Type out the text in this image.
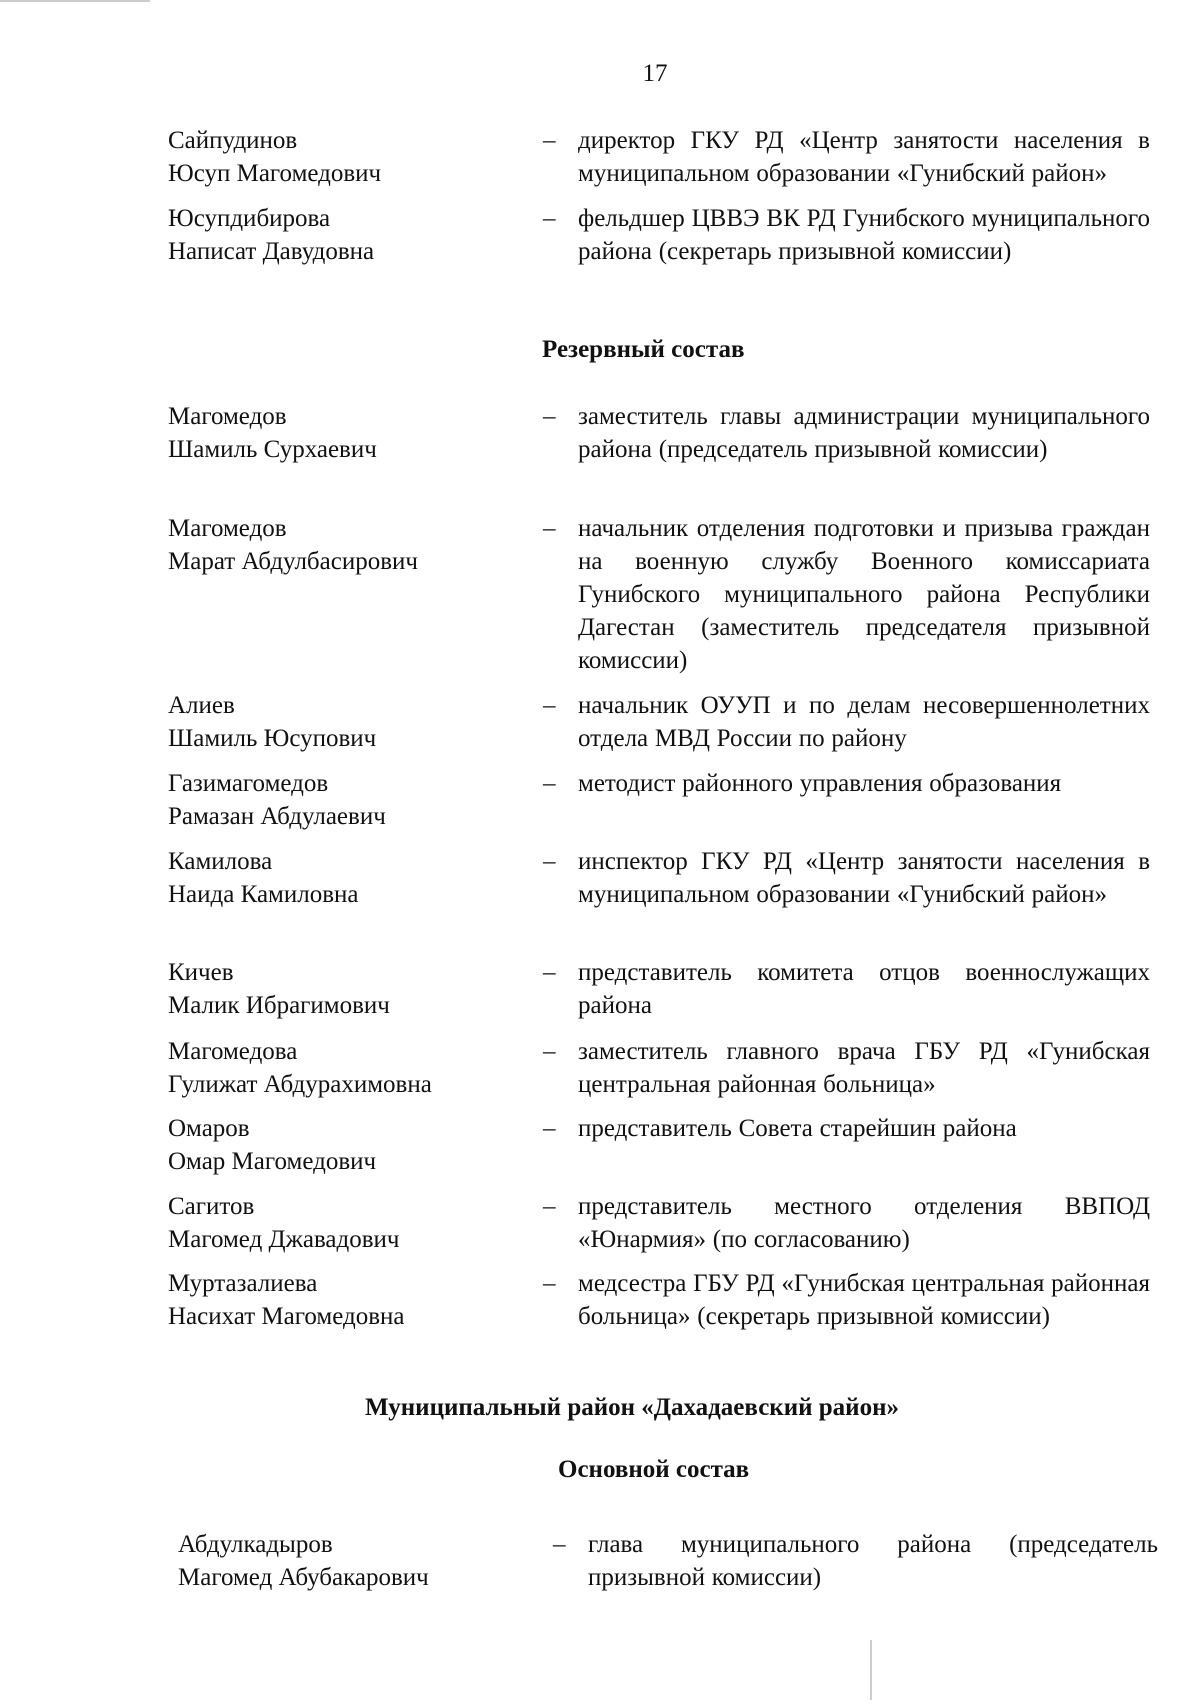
17
Сайпудинов
Юсуп Магомедович
– директор ГКУ РД «Центр занятости населения в муниципальном образовании «Гунибский район»
Юсупдибирова
Написат Давудовна
– фельдшер ЦВВЭ ВК РД Гунибского муниципального района (секретарь призывной комиссии)
Резервный состав
Магомедов
Шамиль Сурхаевич
– заместитель главы администрации муниципального района (председатель призывной комиссии)
Магомедов
Марат Абдулбасирович
– начальник отделения подготовки и призыва граждан на военную службу Военного комиссариата Гунибского муниципального района Республики Дагестан (заместитель председателя призывной комиссии)
Алиев
Шамиль Юсупович
– начальник ОУУП и по делам несовершеннолетних отдела МВД России по району
Газимагомедов
Рамазан Абдулаевич
– методист районного управления образования
Камилова
Наида Камиловна
– инспектор ГКУ РД «Центр занятости населения в муниципальном образовании «Гунибский район»
Кичев
Малик Ибрагимович
– представитель комитета отцов военнослужащих района
Магомедова
Гулижат Абдурахимовна
– заместитель главного врача ГБУ РД «Гунибская центральная районная больница»
Омаров
Омар Магомедович
– представитель Совета старейшин района
Сагитов
Магомед Джавадович
– представитель местного отделения ВВПОД «Юнармия» (по согласованию)
Муртазалиева
Насихат Магомедовна
– медсестра ГБУ РД «Гунибская центральная районная больница» (секретарь призывной комиссии)
Муниципальный район «Дахадаевский район»
Основной состав
Абдулкадыров
Магомед Абубакарович
– глава муниципального района (председатель призывной комиссии)
